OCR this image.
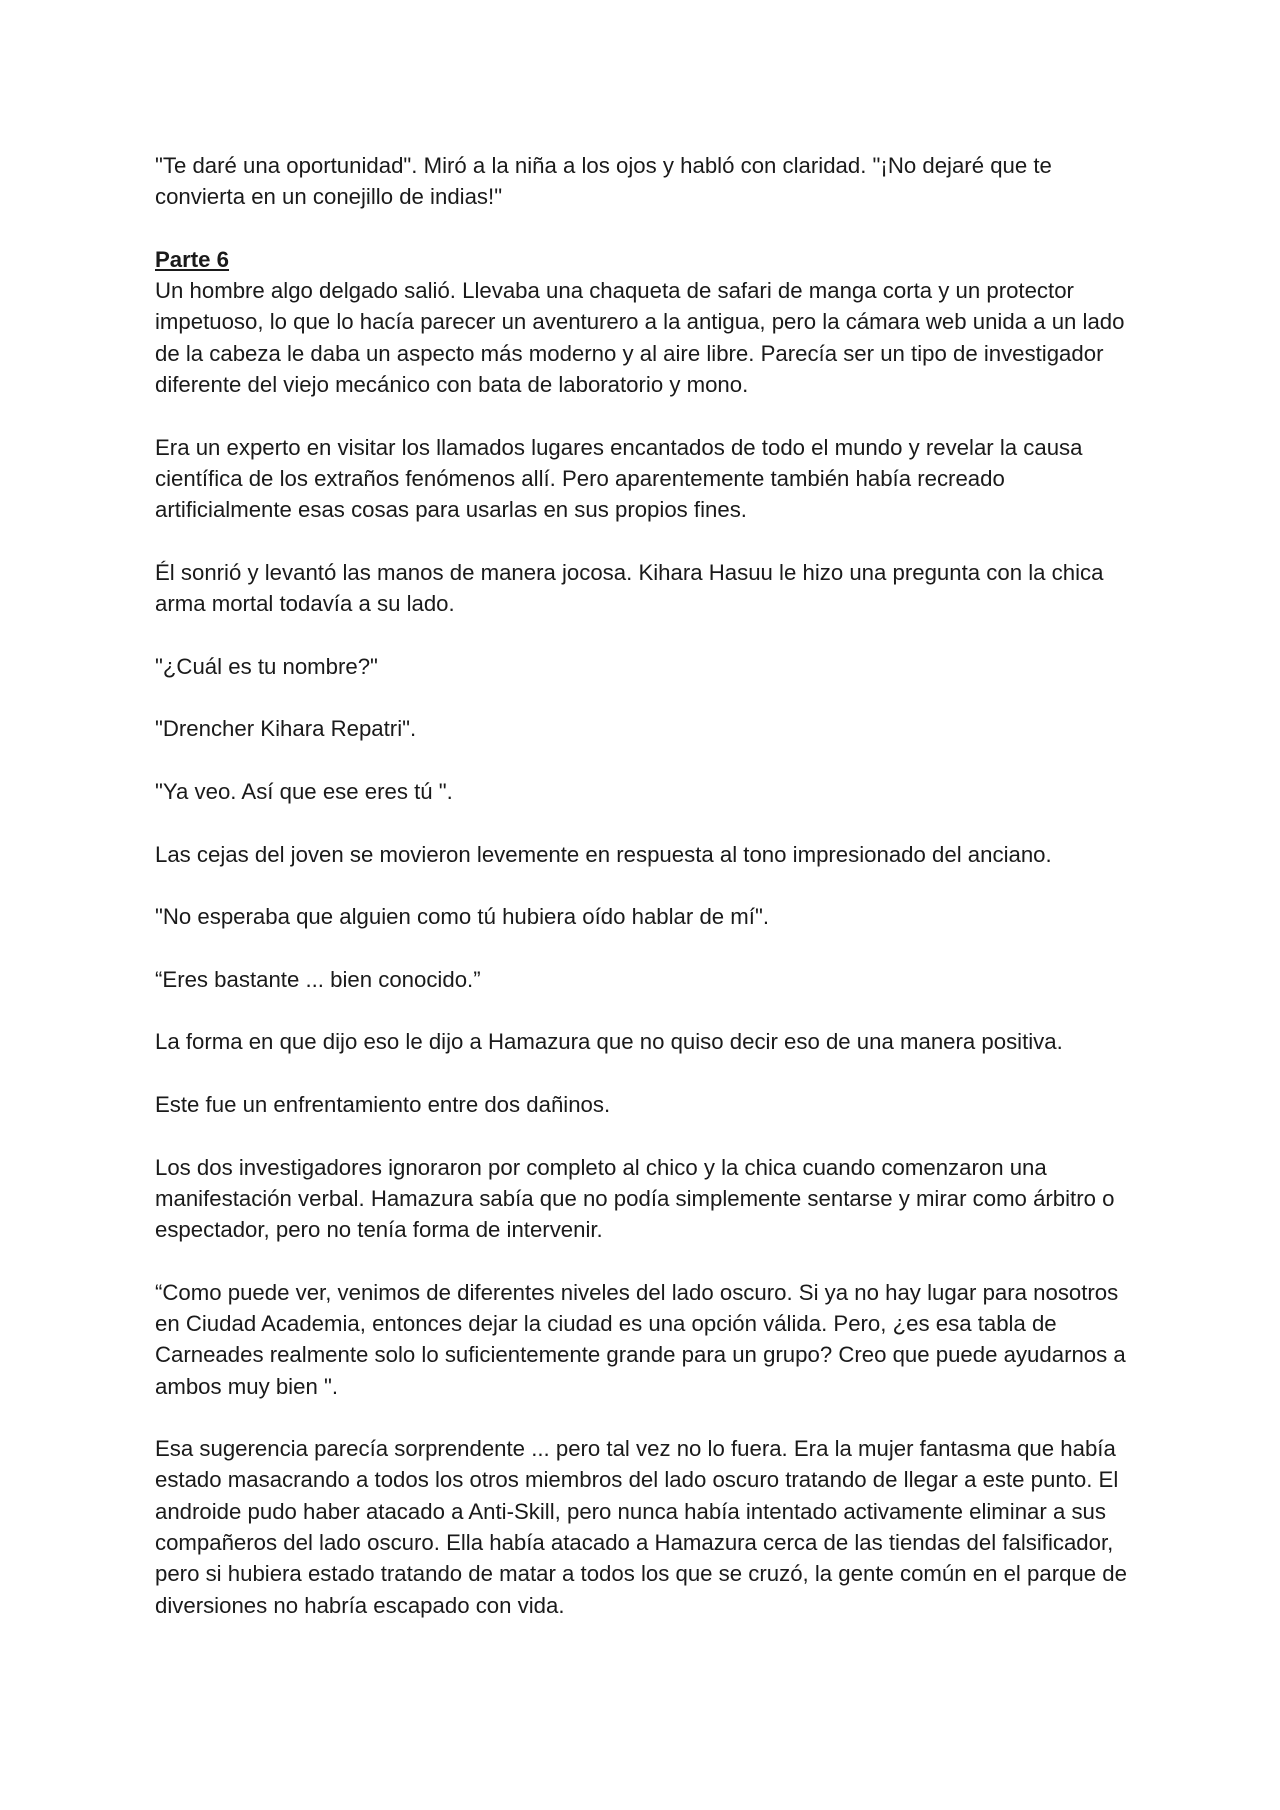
"Te daré una oportunidad". Miró a la niña a los ojos y habló con claridad. "¡No dejaré que te convierta en un conejillo de indias!"

Parte 6

Un hombre algo delgado salió. Llevaba una chaqueta de safari de manga corta y un protector impetuoso, lo que lo hacía parecer un aventurero a la antigua, pero la cámara web unida a un lado de la cabeza le daba un aspecto más moderno y al aire libre. Parecía ser un tipo de investigador diferente del viejo mecánico con bata de laboratorio y mono.

Era un experto en visitar los llamados lugares encantados de todo el mundo y revelar la causa científica de los extraños fenómenos allí. Pero aparentemente también había recreado artificialmente esas cosas para usarlas en sus propios fines.

Él sonrió y levantó las manos de manera jocosa. Kihara Hasuu le hizo una pregunta con la chica arma mortal todavía a su lado.

"¿Cuál es tu nombre?"

"Drencher Kihara Repatri".

"Ya veo. Así que ese eres tú ".

Las cejas del joven se movieron levemente en respuesta al tono impresionado del anciano.

"No esperaba que alguien como tú hubiera oído hablar de mí".

“Eres bastante ... bien conocido.”

La forma en que dijo eso le dijo a Hamazura que no quiso decir eso de una manera positiva.

Este fue un enfrentamiento entre dos dañinos.

Los dos investigadores ignoraron por completo al chico y la chica cuando comenzaron una manifestación verbal. Hamazura sabía que no podía simplemente sentarse y mirar como árbitro o espectador, pero no tenía forma de intervenir.

“Como puede ver, venimos de diferentes niveles del lado oscuro. Si ya no hay lugar para nosotros en Ciudad Academia, entonces dejar la ciudad es una opción válida. Pero, ¿es esa tabla de Carneades realmente solo lo suficientemente grande para un grupo? Creo que puede ayudarnos a ambos muy bien ".

Esa sugerencia parecía sorprendente ... pero tal vez no lo fuera. Era la mujer fantasma que había estado masacrando a todos los otros miembros del lado oscuro tratando de llegar a este punto. El androide pudo haber atacado a Anti-Skill, pero nunca había intentado activamente eliminar a sus compañeros del lado oscuro. Ella había atacado a Hamazura cerca de las tiendas del falsificador, pero si hubiera estado tratando de matar a todos los que se cruzó, la gente común en el parque de diversiones no habría escapado con vida.
